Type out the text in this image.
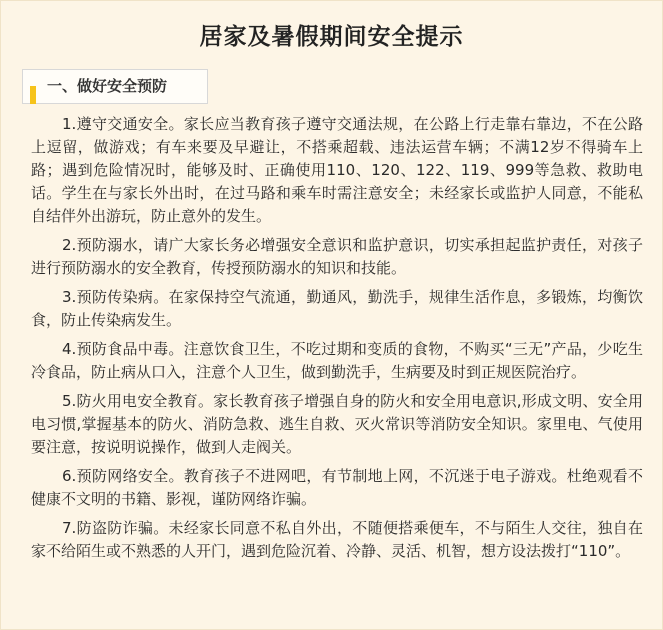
居家及暑假期间安全提示
一、做好安全预防

1.遵守交通安全。家长应当教育孩子遵守交通法规，在公路上行走靠右靠边，不在公路上逗留，做游戏；有车来要及早避让，不搭乘超载、违法运营车辆；不满12岁不得骑车上路；遇到危险情况时，能够及时、正确使用110、120、122、119、999等急救、救助电话。学生在与家长外出时，在过马路和乘车时需注意安全；未经家长或监护人同意，不能私自结伴外出游玩，防止意外的发生。

2.预防溺水，请广大家长务必增强安全意识和监护意识，切实承担起监护责任，对孩子进行预防溺水的安全教育，传授预防溺水的知识和技能。

3.预防传染病。在家保持空气流通，勤通风，勤洗手，规律生活作息，多锻炼，均衡饮食，防止传染病发生。

4.预防食品中毒。注意饮食卫生，不吃过期和变质的食物，不购买“三无”产品，少吃生冷食品，防止病从口入，注意个人卫生，做到勤洗手，生病要及时到正规医院治疗。

5.防火用电安全教育。家长教育孩子增强自身的防火和安全用电意识,形成文明、安全用电习惯,掌握基本的防火、消防急救、逃生自救、灭火常识等消防安全知识。家里电、气使用要注意，按说明说操作，做到人走阀关。

6.预防网络安全。教育孩子不进网吧，有节制地上网，不沉迷于电子游戏。杜绝观看不健康不文明的书籍、影视，谨防网络诈骗。

7.防盗防诈骗。未经家长同意不私自外出，不随便搭乘便车，不与陌生人交往，独自在家不给陌生或不熟悉的人开门，遇到危险沉着、冷静、灵活、机智，想方设法拨打“110”。
